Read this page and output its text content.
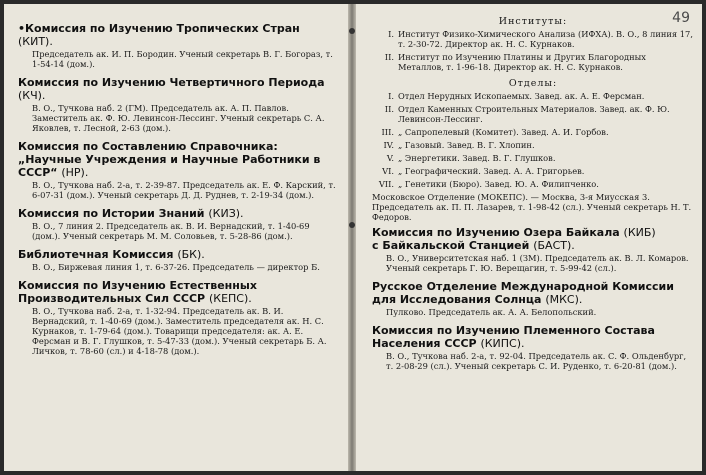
•Комиссия по Изучению Тропических Стран (КИТ).

Председатель ак. И. П. Бородин. Ученый секретарь В. Г. Богораз, т. 1-54-14 (дом.).

Комиссия по Изучению Четвертичного Периода (КЧ).

В. О., Тучкова наб. 2 (ГМ). Председатель ак. А. П. Павлов. Заместитель ак. Ф. Ю. Левинсон-Лессинг. Ученый секретарь С. А. Яковлев, т. Лесной, 2-63 (дом.).

Комиссия по Составлению Справочника: „Научные Учреждения и Научные Работники в СССР“ (НР).

В. О., Тучкова наб. 2-а, т. 2-39-87. Председатель ак. Е. Ф. Карский, т. 6-07-31 (дом.). Ученый секретарь Д. Д. Руднев, т. 2-19-34 (дом.).

Комиссия по Истории Знаний (КИЗ).

В. О., 7 линия 2. Председатель ак. В. И. Вернадский, т. 1-40-69 (дом.). Ученый секретарь М. М. Соловьев, т. 5-28-86 (дом.).

Библиотечная Комиссия (БК).

В. О., Биржевая линия 1, т. 6-37-26. Председатель — директор Б.

Комиссия по Изучению Естественных Производительных Сил СССР (КЕПС).

В. О., Тучкова наб. 2-а, т. 1-32-94. Председатель ак. В. И. Вернадский, т. 1-40-69 (дом.). Заместитель председателя ак. Н. С. Курнаков, т. 1-79-64 (дом.). Товарищи председателя: ак. А. Е. Ферсман и В. Г. Глушков, т. 5-47-33 (дом.). Ученый секретарь Б. А. Личков, т. 78-60 (сл.) и 4-18-78 (дом.).

49

Институты:

I. Институт Физико-Химического Анализа (ИФХА). В. О., 8 линия 17, т. 2-30-72. Директор ак. Н. С. Курнаков.
II. Институт по Изучению Платины и Других Благородных Металлов, т. 1-96-18. Директор ак. Н. С. Курнаков.

Отделы:

I. Отдел Нерудных Ископаемых. Завед. ак. А. Е. Ферсман.
II. Отдел Каменных Строительных Материалов. Завед. ак. Ф. Ю. Левинсон-Лессинг.
III. „ Сапропелевый (Комитет). Завед. А. И. Горбов.
IV. „ Газовый. Завед. В. Г. Хлопин.
V. „ Энергетики. Завед. В. Г. Глушков.
VI. „ Географический. Завед. А. А. Григорьев.
VII. „ Генетики (Бюро). Завед. Ю. А. Филипченко.

Московское Отделение (МОКЕПС). — Москва, 3-я Миусская 3. Председатель ак. П. П. Лазарев, т. 1-98-42 (сл.). Ученый секретарь Н. Т. Федоров.

Комиссия по Изучению Озера Байкала (КИБ)
с Байкальской Станцией (БАСТ).

В. О., Университетская наб. 1 (ЗМ). Председатель ак. В. Л. Комаров. Ученый секретарь Г. Ю. Верещагин, т. 5-99-42 (сл.).

Русское Отделение Международной Комиссии для Исследования Солнца (МКС).

Пулково. Председатель ак. А. А. Белопольский.

Комиссия по Изучению Племенного Состава Населения СССР (КИПС).

В. О., Тучкова наб. 2-а, т. 92-04. Председатель ак. С. Ф. Ольденбург, т. 2-08-29 (сл.). Ученый секретарь С. И. Руденко, т. 6-20-81 (дом.).
